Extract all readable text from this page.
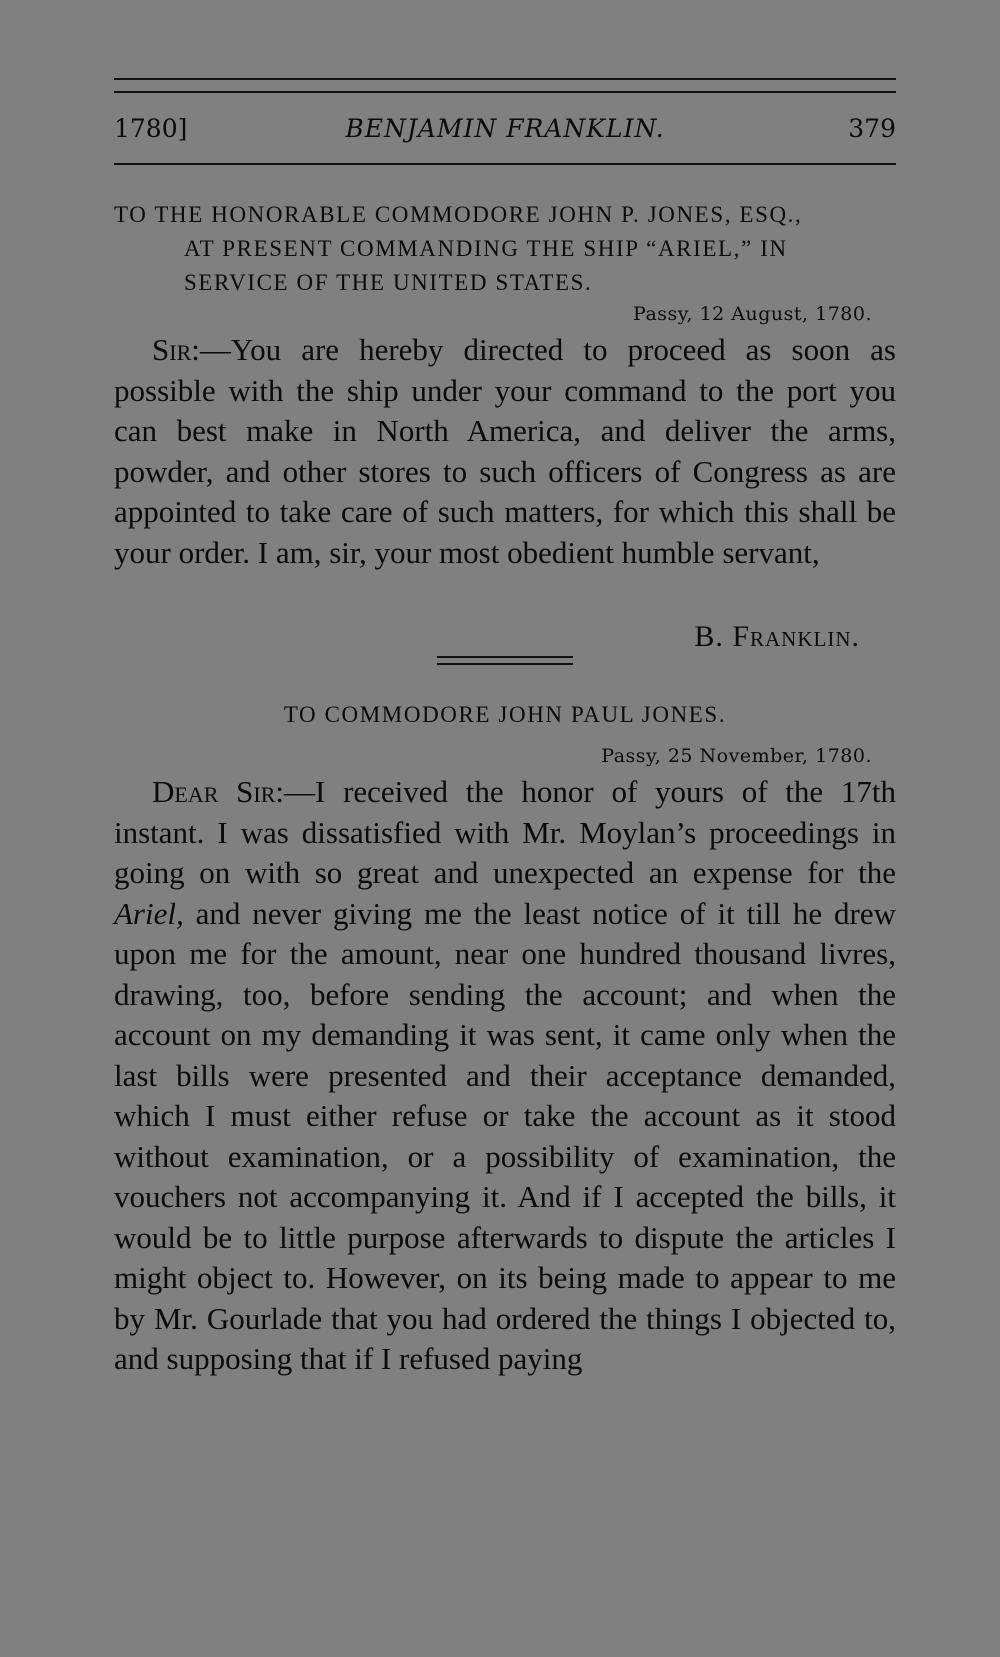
1780]	BENJAMIN FRANKLIN.	379
TO THE HONORABLE COMMODORE JOHN P. JONES, ESQ.,
AT PRESENT COMMANDING THE SHIP “ARIEL,” IN
SERVICE OF THE UNITED STATES.
Passy, 12 August, 1780.

Sir:—You are hereby directed to proceed as soon as possible with the ship under your command to the port you can best make in North America, and deliver the arms, powder, and other stores to such officers of Congress as are appointed to take care of such matters, for which this shall be your order. I am, sir, your most obedient humble servant,

B. Franklin.
TO COMMODORE JOHN PAUL JONES.
Passy, 25 November, 1780.

Dear Sir:—I received the honor of yours of the 17th instant. I was dissatisfied with Mr. Moylan’s proceedings in going on with so great and unexpected an expense for the Ariel, and never giving me the least notice of it till he drew upon me for the amount, near one hundred thousand livres, drawing, too, before sending the account; and when the account on my demanding it was sent, it came only when the last bills were presented and their acceptance demanded, which I must either refuse or take the account as it stood without examination, or a possibility of examination, the vouchers not accompanying it. And if I accepted the bills, it would be to little purpose afterwards to dispute the articles I might object to. However, on its being made to appear to me by Mr. Gourlade that you had ordered the things I objected to, and supposing that if I refused paying
